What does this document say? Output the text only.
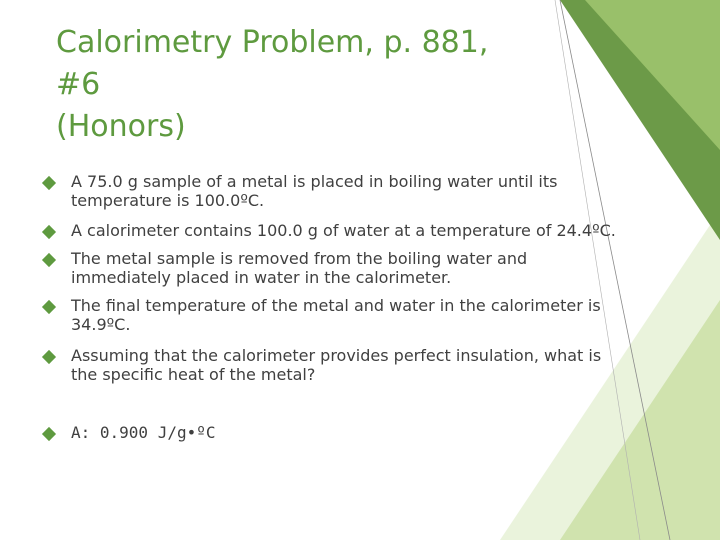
Calorimetry Problem, p. 881,
#6
(Honors)
A 75.0 g sample of a metal is placed in boiling water until its
temperature is 100.0ºC.
A calorimeter contains 100.0 g of water at a temperature of 24.4ºC.
The metal sample is removed from the boiling water and
immediately placed in water in the calorimeter.
The final temperature of the metal and water in the calorimeter is
34.9ºC.
Assuming that the calorimeter provides perfect insulation, what is
the specific heat of the metal?
A: 0.900 J/g•ºC
